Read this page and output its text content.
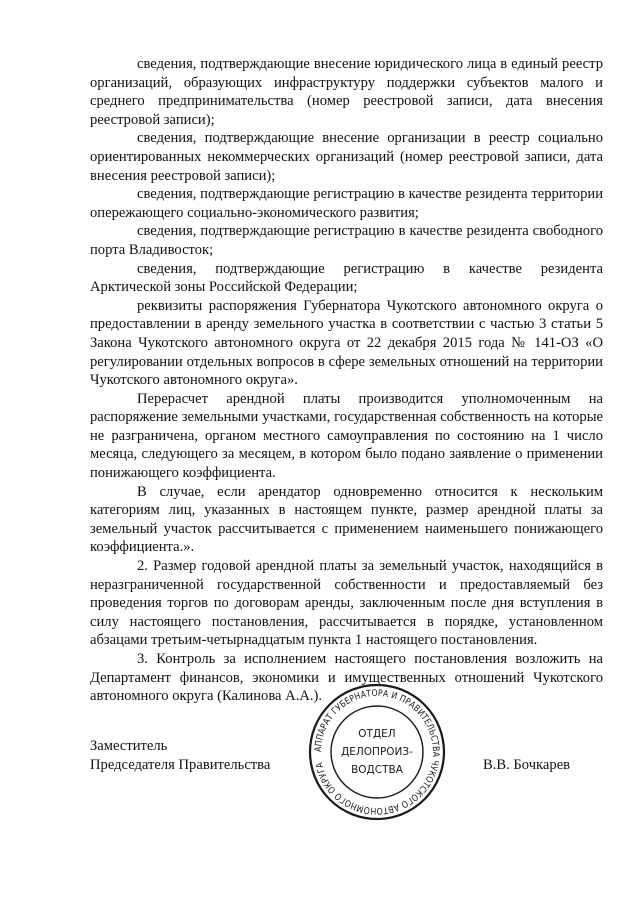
сведения, подтверждающие внесение юридического лица в единый реестр организаций, образующих инфраструктуру поддержки субъектов малого и среднего предпринимательства (номер реестровой записи, дата внесения реестровой записи);

сведения, подтверждающие внесение организации в реестр социально ориентированных некоммерческих организаций (номер реестровой записи, дата внесения реестровой записи);

сведения, подтверждающие регистрацию в качестве резидента территории опережающего социально-экономического развития;

сведения, подтверждающие регистрацию в качестве резидента свободного порта Владивосток;

сведения, подтверждающие регистрацию в качестве резидента Арктической зоны Российской Федерации;

реквизиты распоряжения Губернатора Чукотского автономного округа о предоставлении в аренду земельного участка в соответствии с частью 3 статьи 5 Закона Чукотского автономного округа от 22 декабря 2015 года № 141-ОЗ «О регулировании отдельных вопросов в сфере земельных отношений на территории Чукотского автономного округа».

Перерасчет арендной платы производится уполномоченным на распоряжение земельными участками, государственная собственность на которые не разграничена, органом местного самоуправления по состоянию на 1 число месяца, следующего за месяцем, в котором было подано заявление о применении понижающего коэффициента.

В случае, если арендатор одновременно относится к нескольким категориям лиц, указанных в настоящем пункте, размер арендной платы за земельный участок рассчитывается с применением наименьшего понижающего коэффициента.».

2. Размер годовой арендной платы за земельный участок, находящийся в неразграниченной государственной собственности и предоставляемый без проведения торгов по договорам аренды, заключенным после дня вступления в силу настоящего постановления, рассчитывается в порядке, установленном абзацами третьим-четырнадцатым пункта 1 настоящего постановления.

3. Контроль за исполнением настоящего постановления возложить на Департамент финансов, экономики и имущественных отношений Чукотского автономного округа (Калинова А.А.).

Заместитель
Председателя Правительства	В.В. Бочкарев
АППАРАТ ГУБЕРНАТОРА И ПРАВИТЕЛЬСТВА ЧУКОТСКОГО АВТОНОМНОГО ОКРУГА
ОТДЕЛ
ДЕЛОПРОИЗ-
ВОДСТВА
